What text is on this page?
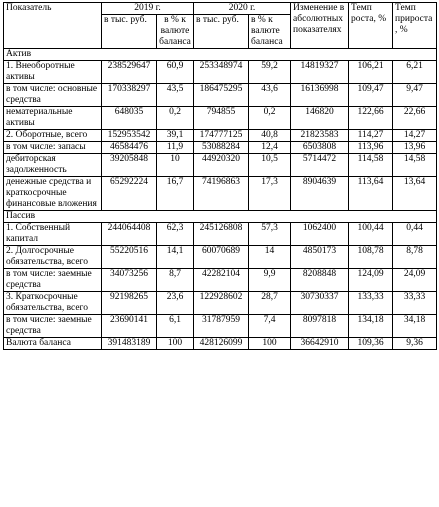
Показатель	2019 г.		2020 г.		Изменение в абсолютных показателях	Темп роста, %	Темп прироста, %
	в тыс. руб.	в % к валюте баланса	в тыс. руб.	в % к валюте баланса			
Актив							
1. Внеоборотные активы	238529647	60,9	253348974	59,2	14819327	106,21	6,21
в том числе: основные средства	170338297	43,5	186475295	43,6	16136998	109,47	9,47
нематериальные активы	648035	0,2	794855	0,2	146820	122,66	22,66
2. Оборотные, всего	152953542	39,1	174777125	40,8	21823583	114,27	14,27
в том числе: запасы	46584476	11,9	53088284	12,4	6503808	113,96	13,96
дебиторская задолженность	39205848	10	44920320	10,5	5714472	114,58	14,58
денежные средства и краткосрочные финансовые вложения	65292224	16,7	74196863	17,3	8904639	113,64	13,64
Пассив							
1. Собственный капитал	244064408	62,3	245126808	57,3	1062400	100,44	0,44
2. Долгосрочные обязательства, всего	55220516	14,1	60070689	14	4850173	108,78	8,78
в том числе: заемные средства	34073256	8,7	42282104	9,9	8208848	124,09	24,09
3. Краткосрочные обязательства, всего	92198265	23,6	122928602	28,7	30730337	133,33	33,33
в том числе: заемные средства	23690141	6,1	31787959	7,4	8097818	134,18	34,18
Валюта баланса	391483189	100	428126099	100	36642910	109,36	9,36
